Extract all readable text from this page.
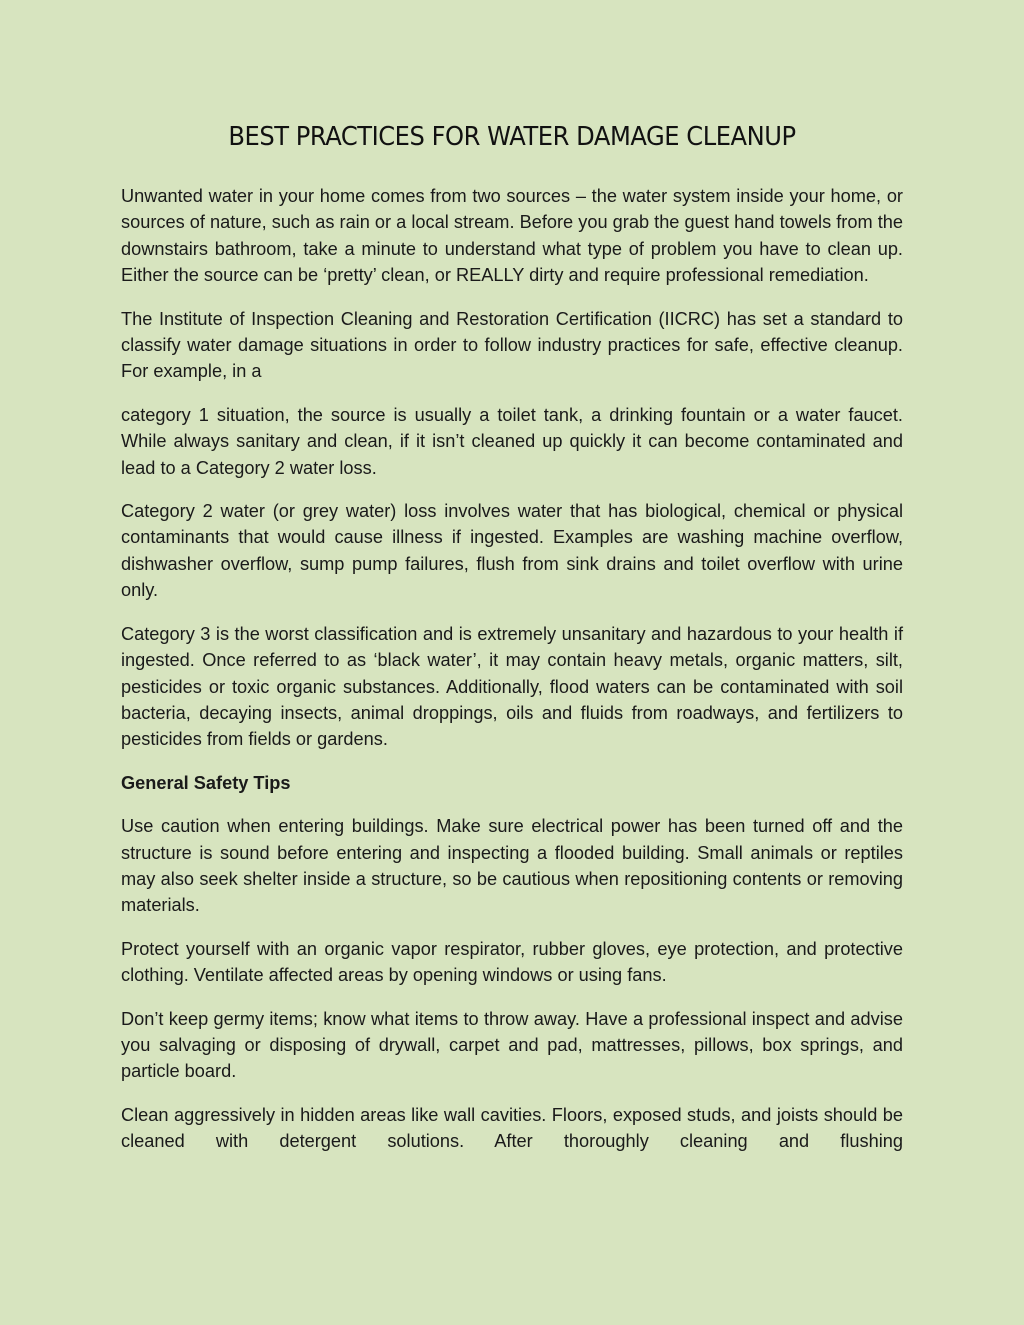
BEST PRACTICES FOR WATER DAMAGE CLEANUP

Unwanted water in your home comes from two sources – the water system inside your home, or sources of nature, such as rain or a local stream. Before you grab the guest hand towels from the downstairs bathroom, take a minute to understand what type of problem you have to clean up. Either the source can be ‘pretty’ clean, or REALLY dirty and require professional remediation.

The Institute of Inspection Cleaning and Restoration Certification (IICRC) has set a standard to classify water damage situations in order to follow industry practices for safe, effective cleanup. For example, in a

category 1 situation, the source is usually a toilet tank, a drinking fountain or a water faucet. While always sanitary and clean, if it isn’t cleaned up quickly it can become contaminated and lead to a Category 2 water loss.

Category 2 water (or grey water) loss involves water that has biological, chemical or physical contaminants that would cause illness if ingested. Examples are washing machine overflow, dishwasher overflow, sump pump failures, flush from sink drains and toilet overflow with urine only.

Category 3 is the worst classification and is extremely unsanitary and hazardous to your health if ingested. Once referred to as ‘black water’, it may contain heavy metals, organic matters, silt, pesticides or toxic organic substances. Additionally, flood waters can be contaminated with soil bacteria, decaying insects, animal droppings, oils and fluids from roadways, and fertilizers to pesticides from fields or gardens.

General Safety Tips

Use caution when entering buildings. Make sure electrical power has been turned off and the structure is sound before entering and inspecting a flooded building. Small animals or reptiles may also seek shelter inside a structure, so be cautious when repositioning contents or removing materials.

Protect yourself with an organic vapor respirator, rubber gloves, eye protection, and protective clothing. Ventilate affected areas by opening windows or using fans.

Don’t keep germy items; know what items to throw away. Have a professional inspect and advise you salvaging or disposing of drywall, carpet and pad, mattresses, pillows, box springs, and particle board.

Clean aggressively in hidden areas like wall cavities. Floors, exposed studs, and joists should be cleaned with detergent solutions. After thoroughly cleaning and flushing
